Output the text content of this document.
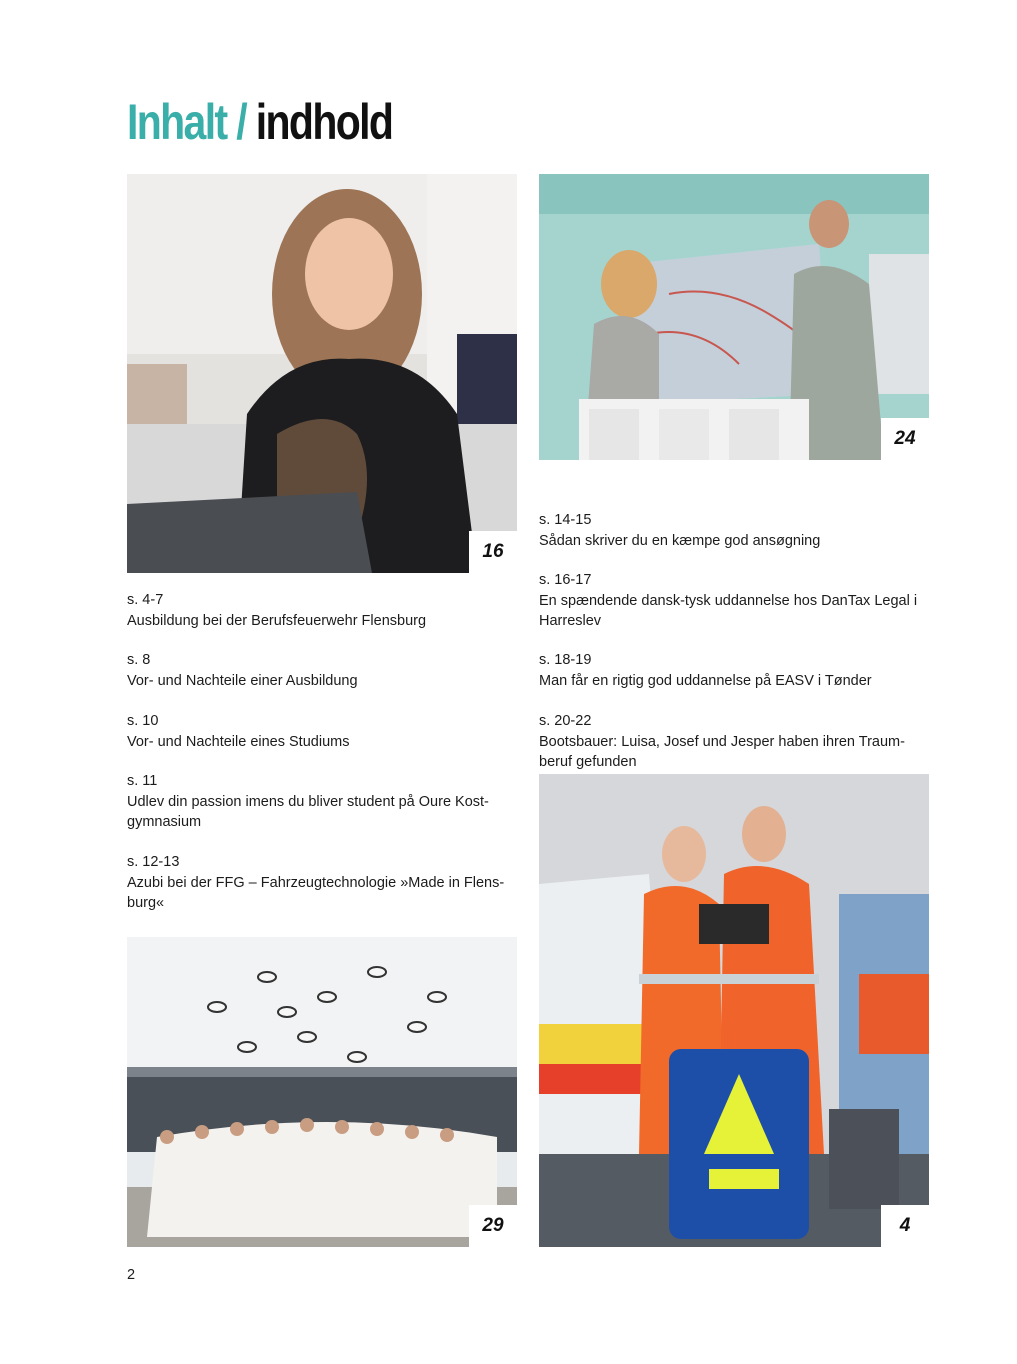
Inhalt / indhold
16
24
29	4
s. 4-7
Ausbildung bei der Berufsfeuerwehr Flensburg
s. 8
Vor- und Nachteile einer Ausbildung
s. 10
Vor- und Nachteile eines Studiums
s. 11
Udlev din passion imens du bliver student på Oure Kost-gymnasium
s. 12-13
Azubi bei der FFG – Fahrzeugtechnologie »Made in Flens-burg«
s. 14-15
Sådan skriver du en kæmpe god ansøgning
s. 16-17
En spændende dansk-tysk uddannelse hos DanTax Legal i Harreslev
s. 18-19
Man får en rigtig god uddannelse på EASV i Tønder
s. 20-22
Bootsbauer: Luisa, Josef und Jesper haben ihren Traum-beruf gefunden
2
